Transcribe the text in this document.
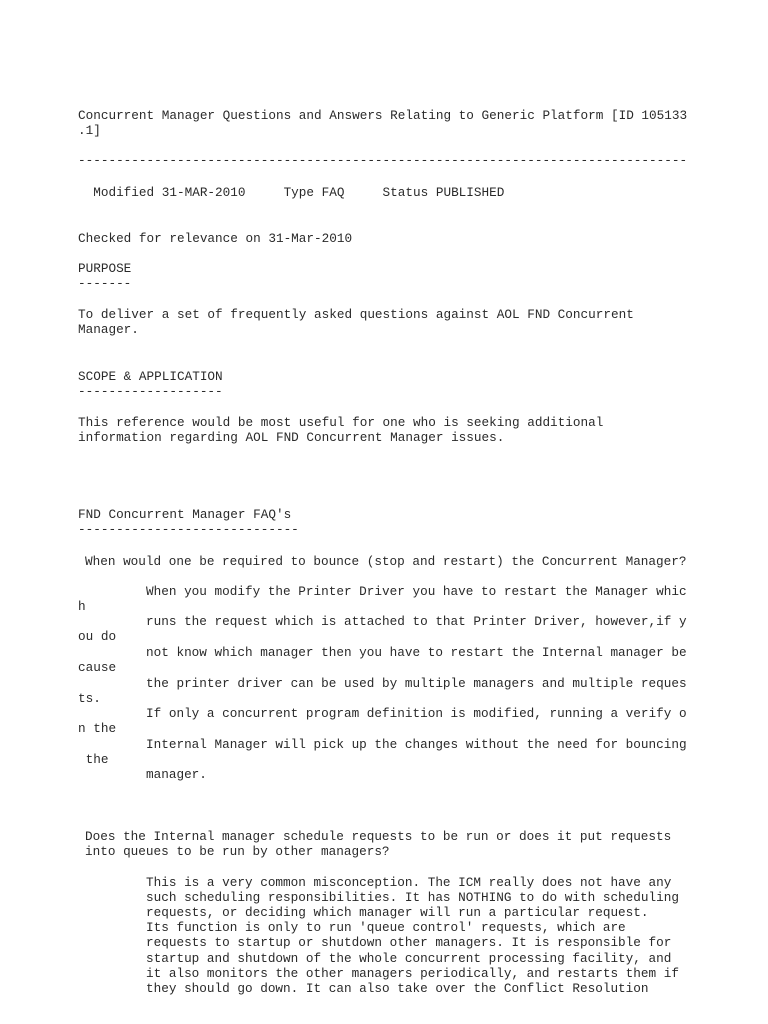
Concurrent Manager Questions and Answers Relating to Generic Platform [ID 105133

.1]

--------------------------------------------------------------------------------

Modified 31-MAR-2010     Type FAQ     Status PUBLISHED

Checked for relevance on 31-Mar-2010

PURPOSE

-------

To deliver a set of frequently asked questions against AOL FND Concurrent

Manager.

SCOPE & APPLICATION

-------------------

This reference would be most useful for one who is seeking additional

information regarding AOL FND Concurrent Manager issues.

FND Concurrent Manager FAQ's

-----------------------------

When would one be required to bounce (stop and restart) the Concurrent Manager?

When you modify the Printer Driver you have to restart the Manager whic

h

runs the request which is attached to that Printer Driver, however,if y

ou do

not know which manager then you have to restart the Internal manager be

cause

the printer driver can be used by multiple managers and multiple reques

ts.

If only a concurrent program definition is modified, running a verify o

n the

Internal Manager will pick up the changes without the need for bouncing

the

manager.

Does the Internal manager schedule requests to be run or does it put requests

into queues to be run by other managers?

This is a very common misconception. The ICM really does not have any

such scheduling responsibilities. It has NOTHING to do with scheduling

requests, or deciding which manager will run a particular request.

Its function is only to run 'queue control' requests, which are

requests to startup or shutdown other managers. It is responsible for

startup and shutdown of the whole concurrent processing facility, and

it also monitors the other managers periodically, and restarts them if

they should go down. It can also take over the Conflict Resolution
